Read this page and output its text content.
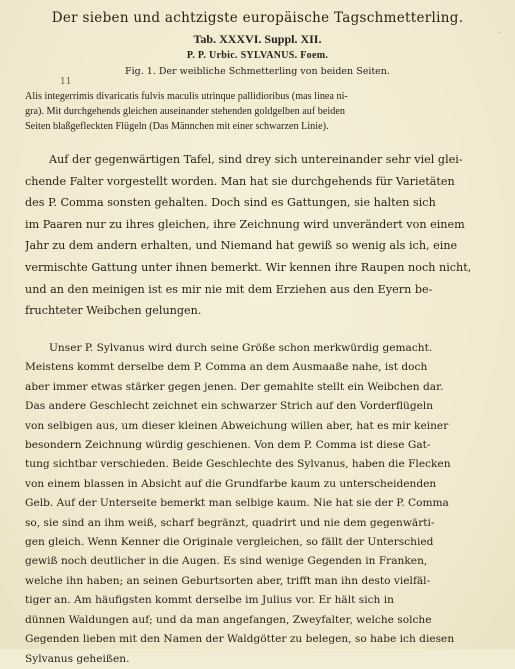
·
Der sieben und achtzigste europäische Tagschmetterling.
Tab. XXXVI. Suppl. XII.
P. P. Urbic. SYLVANUS. Foem.
Fig. 1. Der weibliche Schmetterling von beiden Seiten.
11
Alis integerrimis divaricatis fulvis maculis utrinque pallidioribus (mas linea ni-
gra). Mit durchgehends gleichen auseinander stehenden goldgelben auf beiden
Seiten blaßgefleckten Flügeln (Das Männchen mit einer schwarzen Linie).
Auf der gegenwärtigen Tafel, sind drey sich untereinander sehr viel glei-
chende Falter vorgestellt worden. Man hat sie durchgehends für Varietäten
des P. Comma sonsten gehalten. Doch sind es Gattungen, sie halten sich
im Paaren nur zu ihres gleichen, ihre Zeichnung wird unverändert von einem
Jahr zu dem andern erhalten, und Niemand hat gewiß so wenig als ich, eine
vermischte Gattung unter ihnen bemerkt. Wir kennen ihre Raupen noch nicht,
und an den meinigen ist es mir nie mit dem Erziehen aus den Eyern be-
fruchteter Weibchen gelungen.
Unser P. Sylvanus wird durch seine Größe schon merkwürdig gemacht.
Meistens kommt derselbe dem P. Comma an dem Ausmaaße nahe, ist doch
aber immer etwas stärker gegen jenen. Der gemahlte stellt ein Weibchen dar.
Das andere Geschlecht zeichnet ein schwarzer Strich auf den Vorderflügeln
von selbigen aus, um dieser kleinen Abweichung willen aber, hat es mir keiner
besondern Zeichnung würdig geschienen. Von dem P. Comma ist diese Gat-
tung sichtbar verschieden. Beide Geschlechte des Sylvanus, haben die Flecken
von einem blassen in Absicht auf die Grundfarbe kaum zu unterscheidenden
Gelb. Auf der Unterseite bemerkt man selbige kaum. Nie hat sie der P. Comma
so, sie sind an ihm weiß, scharf begränzt, quadrirt und nie dem gegenwärti-
gen gleich. Wenn Kenner die Originale vergleichen, so fällt der Unterschied
gewiß noch deutlicher in die Augen. Es sind wenige Gegenden in Franken,
welche ihn haben; an seinen Geburtsorten aber, trifft man ihn desto vielfäl-
tiger an. Am häufigsten kommt derselbe im Julius vor. Er hält sich in
dünnen Waldungen auf; und da man angefangen, Zweyfalter, welche solche
Gegenden lieben mit den Namen der Waldgötter zu belegen, so habe ich diesen
Sylvanus geheißen.
